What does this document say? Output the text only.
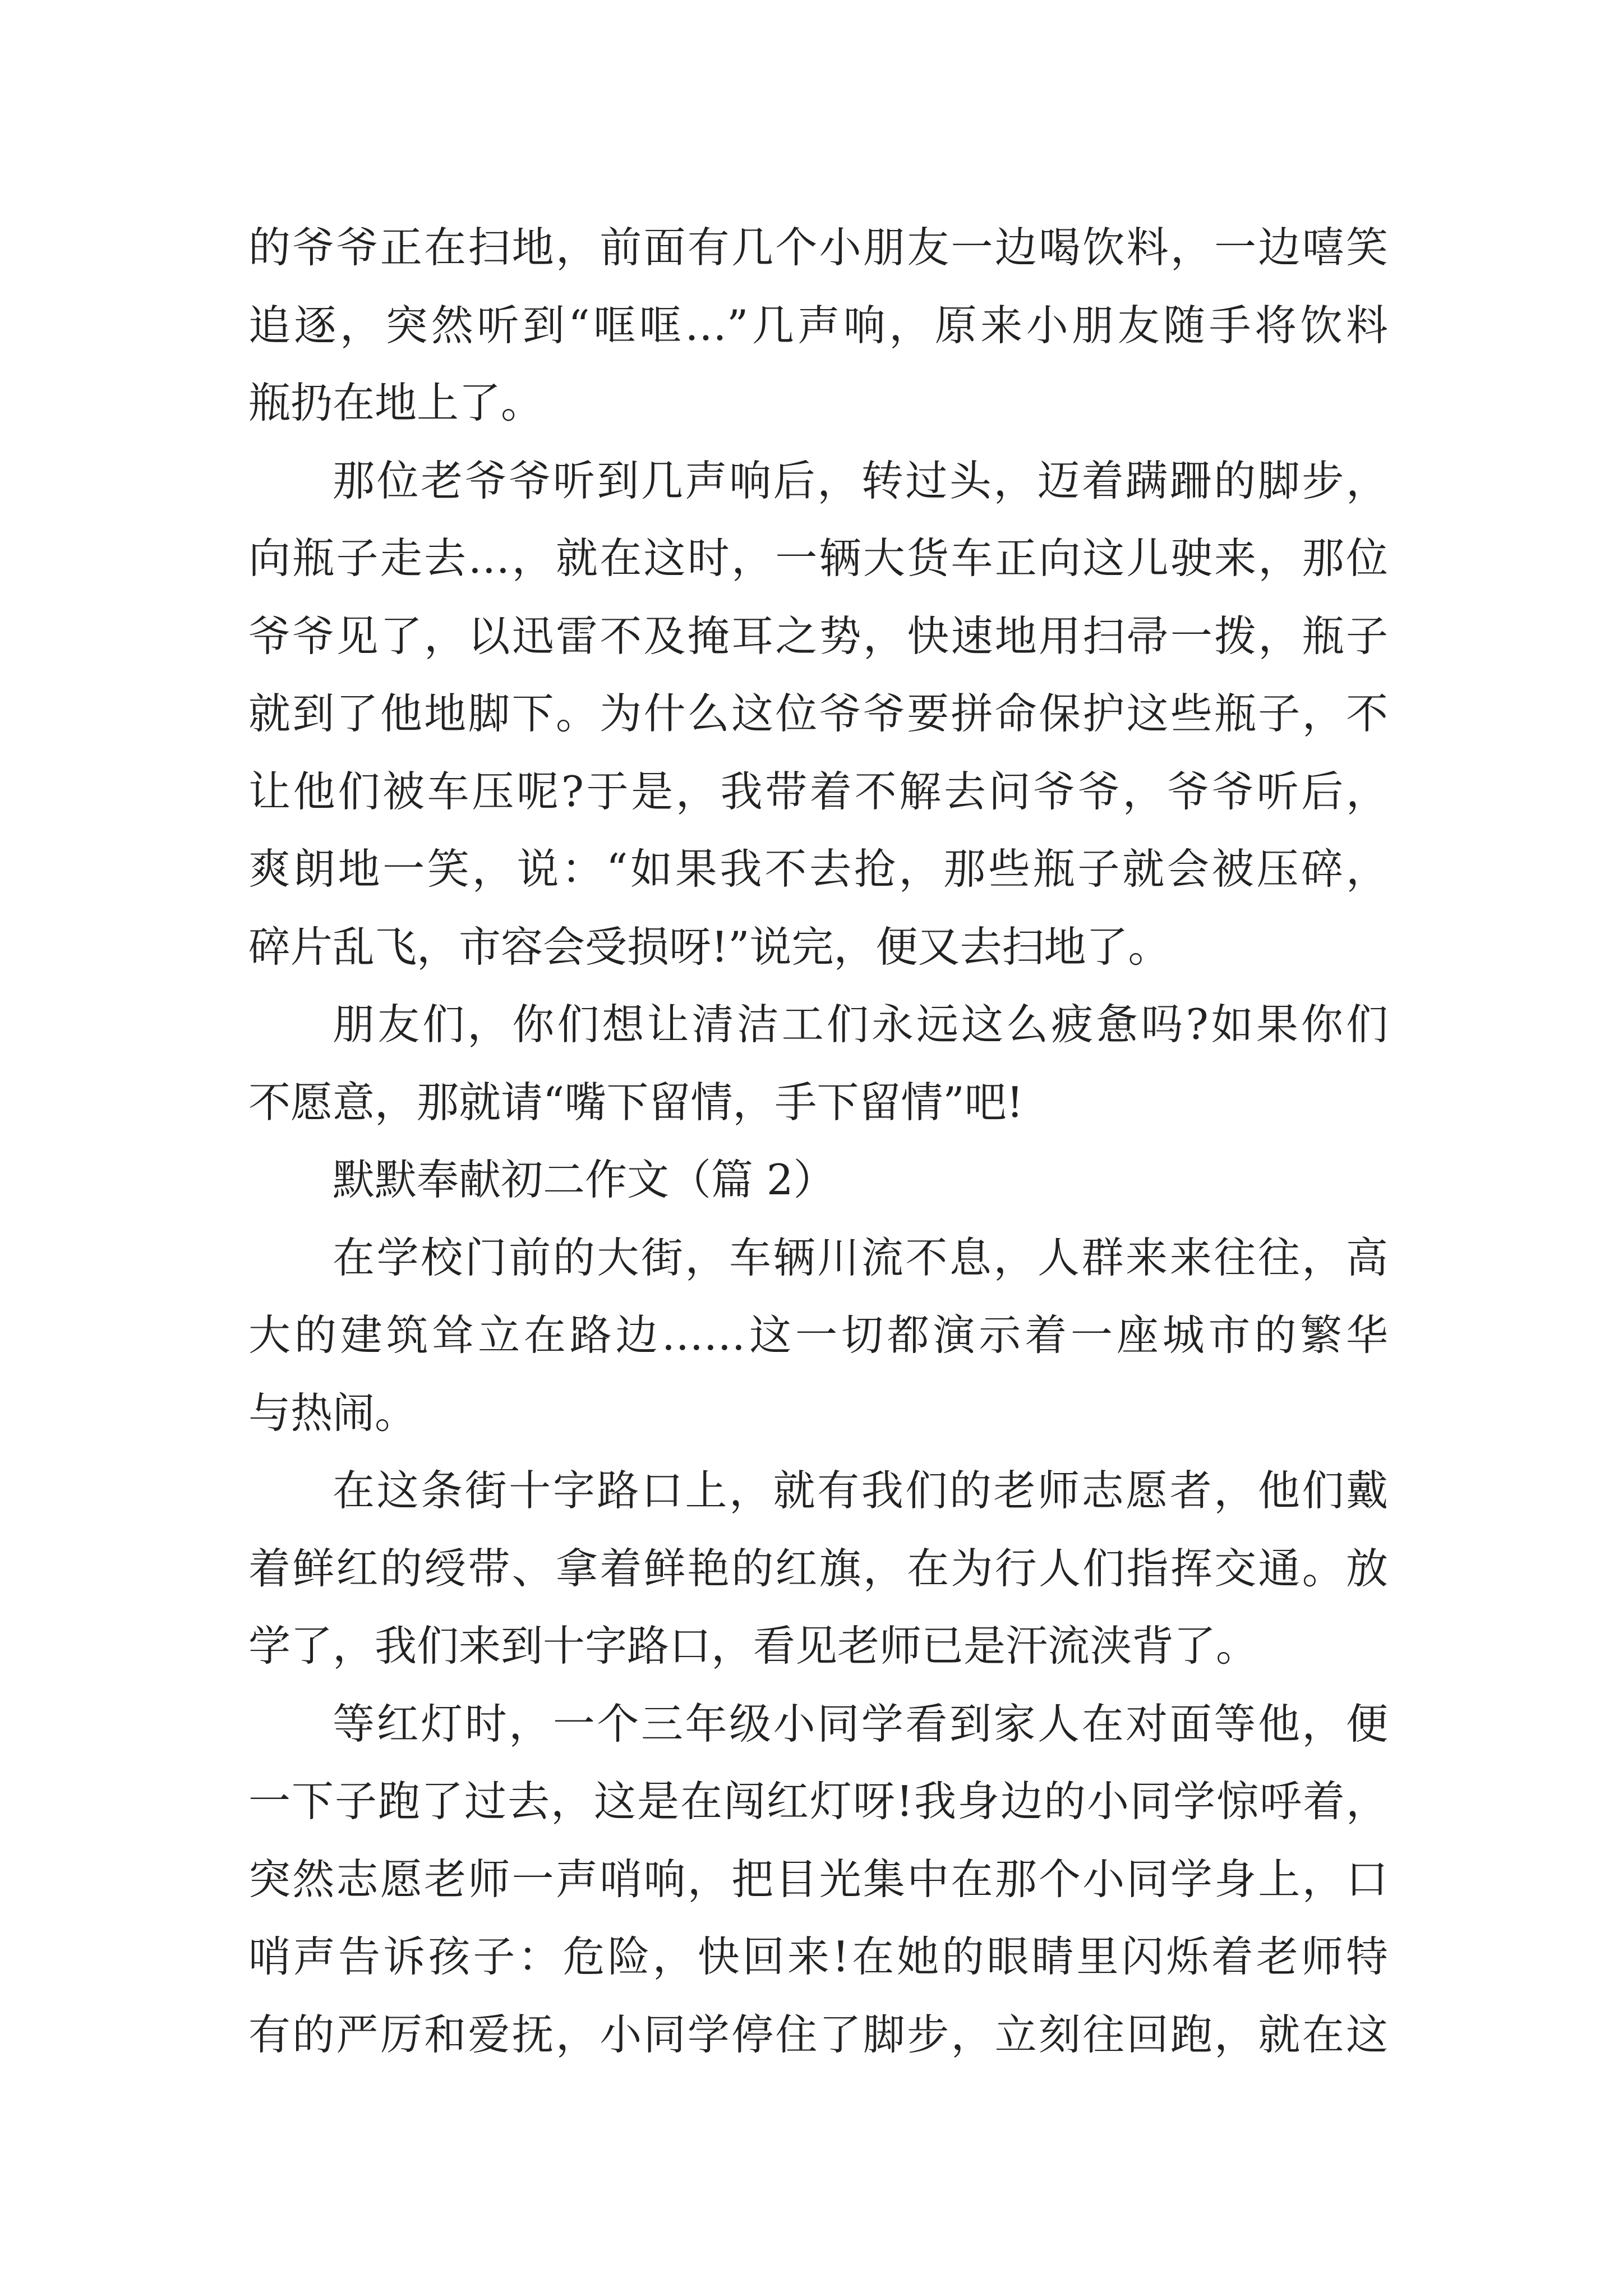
的爷爷正在扫地，前面有几个小朋友一边喝饮料，一边嘻笑
追逐，突然听到“哐哐…”几声响，原来小朋友随手将饮料
瓶扔在地上了。

那位老爷爷听到几声响后，转过头，迈着蹒跚的脚步，
向瓶子走去…，就在这时，一辆大货车正向这儿驶来，那位
爷爷见了，以迅雷不及掩耳之势，快速地用扫帚一拨，瓶子
就到了他地脚下。为什么这位爷爷要拼命保护这些瓶子，不
让他们被车压呢?于是，我带着不解去问爷爷，爷爷听后，
爽朗地一笑，说：“如果我不去抢，那些瓶子就会被压碎，
碎片乱飞，市容会受损呀!”说完，便又去扫地了。

朋友们，你们想让清洁工们永远这么疲惫吗?如果你们
不愿意，那就请“嘴下留情，手下留情”吧!

默默奉献初二作文（篇 2）

在学校门前的大街，车辆川流不息，人群来来往往，高
大的建筑耸立在路边……这一切都演示着一座城市的繁华
与热闹。

在这条街十字路口上，就有我们的老师志愿者，他们戴
着鲜红的绶带、拿着鲜艳的红旗，在为行人们指挥交通。放
学了，我们来到十字路口，看见老师已是汗流浃背了。

等红灯时，一个三年级小同学看到家人在对面等他，便
一下子跑了过去，这是在闯红灯呀!我身边的小同学惊呼着，
突然志愿老师一声哨响，把目光集中在那个小同学身上，口
哨声告诉孩子：危险，快回来!在她的眼睛里闪烁着老师特
有的严厉和爱抚，小同学停住了脚步，立刻往回跑，就在这
